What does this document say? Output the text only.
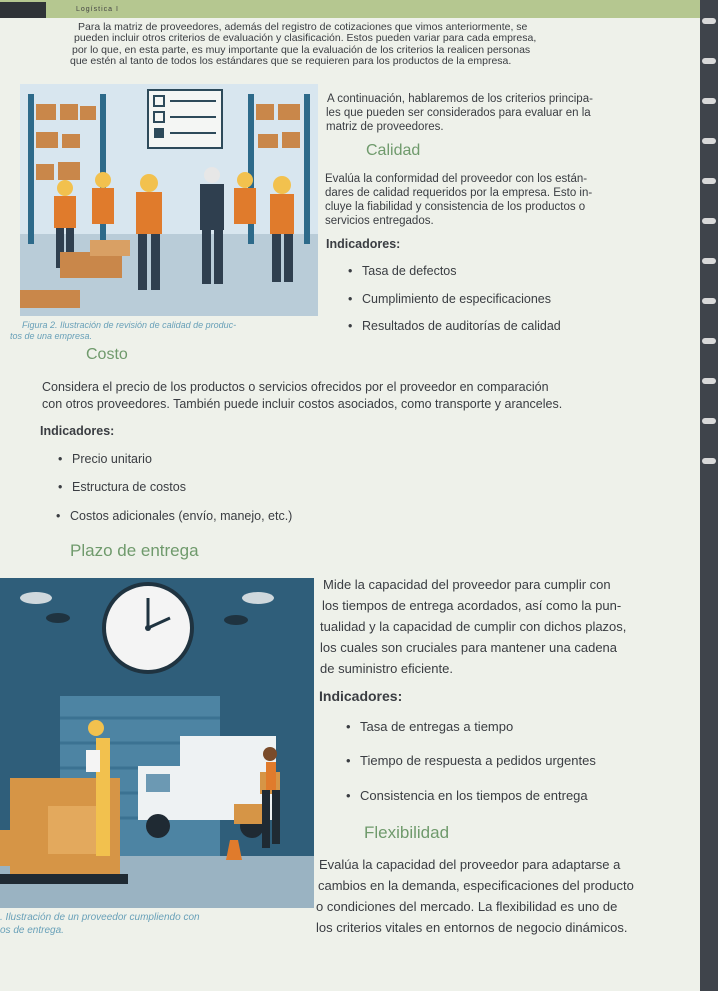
Logística I
Para la matriz de proveedores, además del registro de cotizaciones que vimos anteriormente, se
pueden incluir otros criterios de evaluación y clasificación. Estos pueden variar para cada empresa,
por lo que, en esta parte, es muy importante que la evaluación de los criterios la realicen personas
que estén al tanto de todos los estándares que se requieren para los productos de la empresa.
A continuación, hablaremos de los criterios principa-
les que pueden ser considerados para evaluar en la
matriz de proveedores.
Calidad
Evalúa la conformidad del proveedor con los están-
dares de calidad requeridos por la empresa. Esto in-
cluye la fiabilidad y consistencia de los productos o
servicios entregados.
Indicadores:
• Tasa de defectos
• Cumplimiento de especificaciones
• Resultados de auditorías de calidad
Figura 2. Ilustración de revisión de calidad de produc-
tos de una empresa.
Costo
Considera el precio de los productos o servicios ofrecidos por el proveedor en comparación
con otros proveedores. También puede incluir costos asociados, como transporte y aranceles.
Indicadores:
• Precio unitario
• Estructura de costos
• Costos adicionales (envío, manejo, etc.)
Plazo de entrega
Mide la capacidad del proveedor para cumplir con
los tiempos de entrega acordados, así como la pun-
tualidad y la capacidad de cumplir con dichos plazos,
los cuales son cruciales para mantener una cadena
de suministro eficiente.
Indicadores:
• Tasa de entregas a tiempo
• Tiempo de respuesta a pedidos urgentes
• Consistencia en los tiempos de entrega
Flexibilidad
Evalúa la capacidad del proveedor para adaptarse a
cambios en la demanda, especificaciones del producto
o condiciones del mercado. La flexibilidad es uno de
los criterios vitales en entornos de negocio dinámicos.
. Ilustración de un proveedor cumpliendo con
os de entrega.
